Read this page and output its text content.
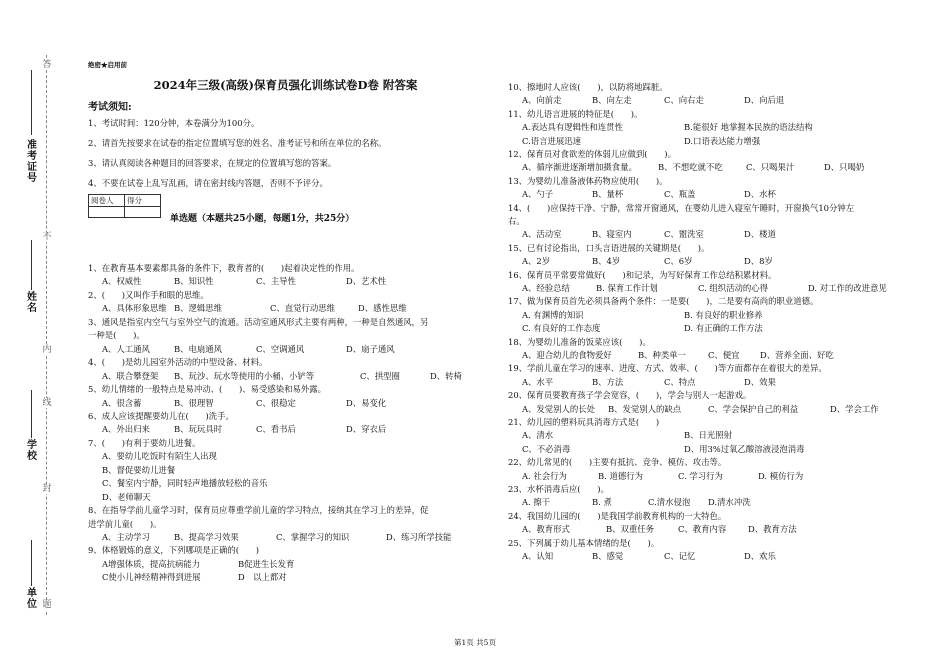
答
不
内
线
封
题
准考证号
姓名
学校
单位
绝密★启用前
2024年三级(高级)保育员强化训练试卷D卷 附答案
考试须知:
1、考试时间：120分钟，本卷满分为100分。
2、请首先按要求在试卷的指定位置填写您的姓名、准考证号和所在单位的名称。
3、请认真阅读各种题目的回答要求，在规定的位置填写您的答案。
4、不要在试卷上乱写乱画，请在密封线内答题，否则不予评分。
阅卷人	得分

单选题（本题共25小题，每题1分，共25分）
1、在教育基本要素都具备的条件下，教育者的(　　)起着决定性的作用。
A、权威性	B、知识性	C、主导性	D、艺术性
2、(　　)又叫作手和眼的思维。
A、具体形象思维 B、逻辑思维	C、直觉行动思维	D、感性思维
3、通风是指室内空气与室外空气的流通。活动室通风形式主要有两种，一种是自然通风，另
一种是(　　)。
A、人工通风	B、电扇通风	C、空调通风	D、扇子通风
4、(　　)是幼儿园室外活动的中型设备、材料。
A、联合攀登架 B、玩沙、玩水等使用的小桶、小铲等	C、拱型圈	D、转椅
5、幼儿情绪的一般特点是易冲动、(　　)、易受感染和易外露。
A、很含蓄	B、很理智	C、很稳定	D、易变化
6、成人应该提醒要幼儿在(　　)洗手。
A、外出归来	B、玩玩具时	C、看书后	D、穿衣后
7、(　　)有利于要幼儿进餐。
A、要幼儿吃饭时有陌生人出现
B、督促要幼儿进餐
C、餐室内宁静，同时轻声地播放轻松的音乐
D、老师聊天
8、在指导学前儿童学习时，保育员应尊重学前儿童的学习特点，接纳其在学习上的差异，促
进学前儿童(　　)。
A、主动学习	B、提高学习效果	C、掌握学习的知识	D、练习所学技能
9、体格锻炼的意义，下列哪项是正确的(　　)
A增强体质，提高抗病能力	B促进生长发育
C使小儿神经精神得到进展	D　以上都对
10、擦地时人应该(　　)，以防将地踩脏。
A、向前走	B、向左走	C、向右走	D、向后退
11、幼儿语言进展的特征是(　　)。
A.表达具有逻辑性和连贯性	B.能很好 地掌握本民族的语法结构
C.语言进展迅速	D.口语表达能力增强
12、保育员对食欲差的体弱儿应做到(　　)。
A、循序渐进逐渐增加摄食量。	B、不想吃就不吃	C、只喝果汁	D、只喝奶
13、为婴幼儿准备液体药物应使用(　　)。
A、勺子	B、量杯	C、瓶盖	D、水杯
14、(　　)应保持干净、宁静，常常开窗通风，在婴幼儿进入寝室午睡时，开窗换气10分钟左
右。
A、活动室	B、寝室内	C、盥洗室	D、楼道
15、已有讨论指出，口头言语进展的关键期是(　　)。
A、2岁	B、4岁	C、6岁	D、8岁
16、保育员平常要常做好(　　)和记录，为写好保育工作总结积累材料。
A、经验总结	B. 保育工作计划	C. 组织活动的心得	D. 对工作的改进意见
17、做为保育员首先必须具备两个条件：一是要(　　)，二是要有高尚的职业道德。
A. 有渊博的知识	B. 有良好的职业修养
C. 有良好的工作态度	D. 有正确的工作方法
18、为婴幼儿准备的饭菜应该(　　)。
A、迎合幼儿的食物爱好	B、种类单一	C、便宜 D、营养全面、好吃
19、学前儿童在学习的速率、进度、方式、效率、(　　)等方面都存在着很大的差异。
A、水平	B、方法	C、特点	D、效果
20、保育员要教育孩子学会宽容，(　　)，学会与别人一起游戏。
A、发觉别人的长处 B、发觉别人的缺点	C、学会保护自己的利益	D、学会工作
21、幼儿园的塑料玩具消毒方式是(　　)
A、清水	B、日光照射
C、不必消毒	D、用3%过氧乙酸溶液浸泡消毒
22、幼儿常见的(　　)主要有抵抗、竞争、模仿、攻击等。
A. 社会行为	B. 道德行为	C. 学习行为	D. 模仿行为
23、水杯消毒后应(　　)。
A. 擦干	B. 煮	C.清水侵泡 D.清水冲洗
24、我国幼儿园的(　　)是我国学前教育机构的一大特色。
A、教育形式	B、双重任务	C、教育内容	D、教育方法
25、下列属于幼儿基本情绪的是(　　)。
A、认知	B、感觉	C、记忆	D、欢乐
第1页 共5页
